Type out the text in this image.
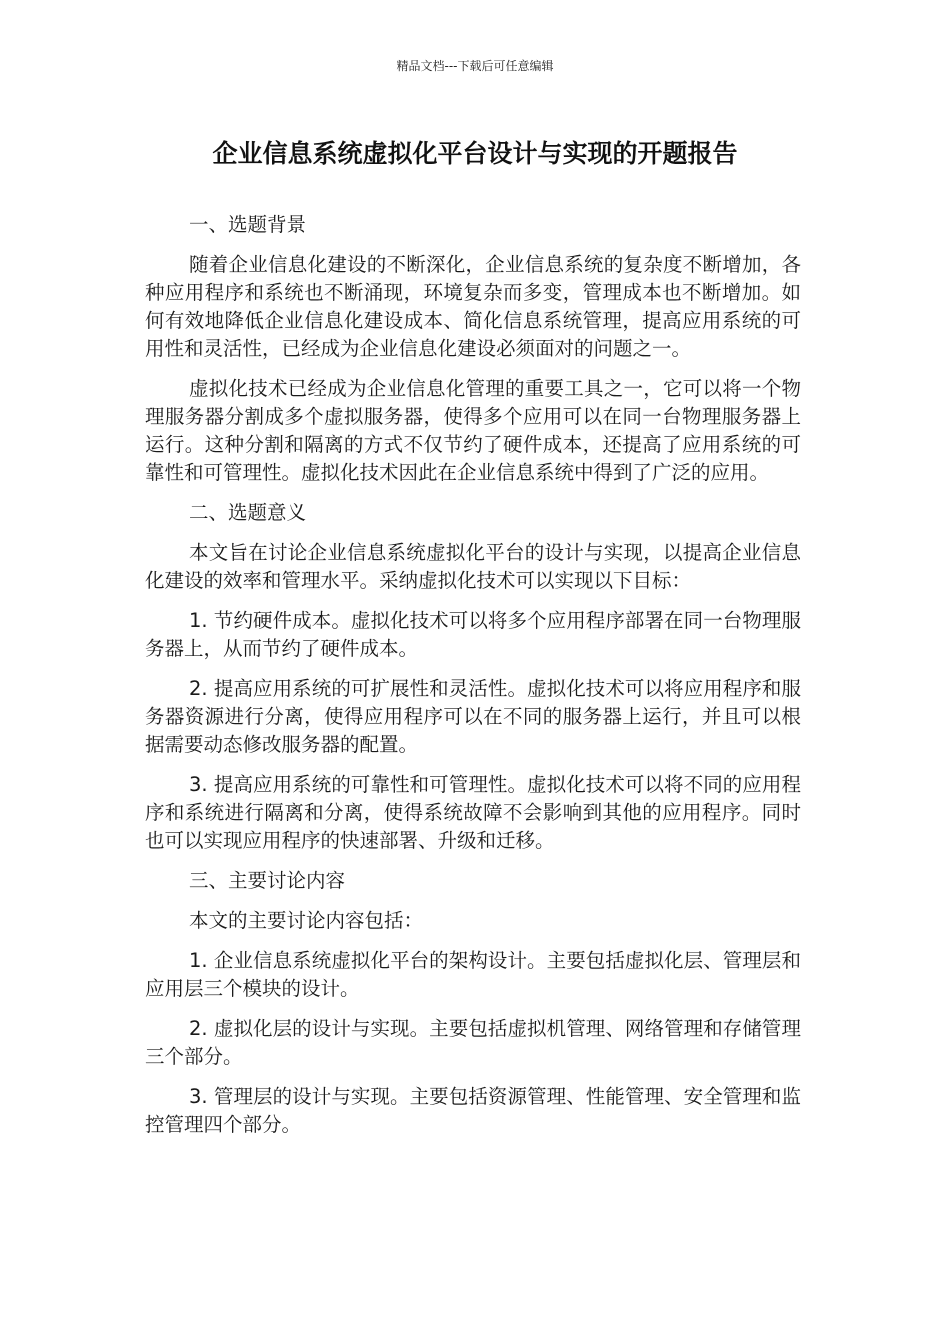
精品文档---下载后可任意编辑
企业信息系统虚拟化平台设计与实现的开题报告

一、选题背景

随着企业信息化建设的不断深化，企业信息系统的复杂度不断增加，各种应用程序和系统也不断涌现，环境复杂而多变，管理成本也不断增加。如何有效地降低企业信息化建设成本、简化信息系统管理，提高应用系统的可用性和灵活性，已经成为企业信息化建设必须面对的问题之一。

虚拟化技术已经成为企业信息化管理的重要工具之一，它可以将一个物理服务器分割成多个虚拟服务器，使得多个应用可以在同一台物理服务器上运行。这种分割和隔离的方式不仅节约了硬件成本，还提高了应用系统的可靠性和可管理性。虚拟化技术因此在企业信息系统中得到了广泛的应用。

二、选题意义

本文旨在讨论企业信息系统虚拟化平台的设计与实现，以提高企业信息化建设的效率和管理水平。采纳虚拟化技术可以实现以下目标：

1. 节约硬件成本。虚拟化技术可以将多个应用程序部署在同一台物理服务器上，从而节约了硬件成本。

2. 提高应用系统的可扩展性和灵活性。虚拟化技术可以将应用程序和服务器资源进行分离，使得应用程序可以在不同的服务器上运行，并且可以根据需要动态修改服务器的配置。

3. 提高应用系统的可靠性和可管理性。虚拟化技术可以将不同的应用程序和系统进行隔离和分离，使得系统故障不会影响到其他的应用程序。同时也可以实现应用程序的快速部署、升级和迁移。

三、主要讨论内容

本文的主要讨论内容包括：

1. 企业信息系统虚拟化平台的架构设计。主要包括虚拟化层、管理层和应用层三个模块的设计。

2. 虚拟化层的设计与实现。主要包括虚拟机管理、网络管理和存储管理三个部分。

3. 管理层的设计与实现。主要包括资源管理、性能管理、安全管理和监控管理四个部分。
